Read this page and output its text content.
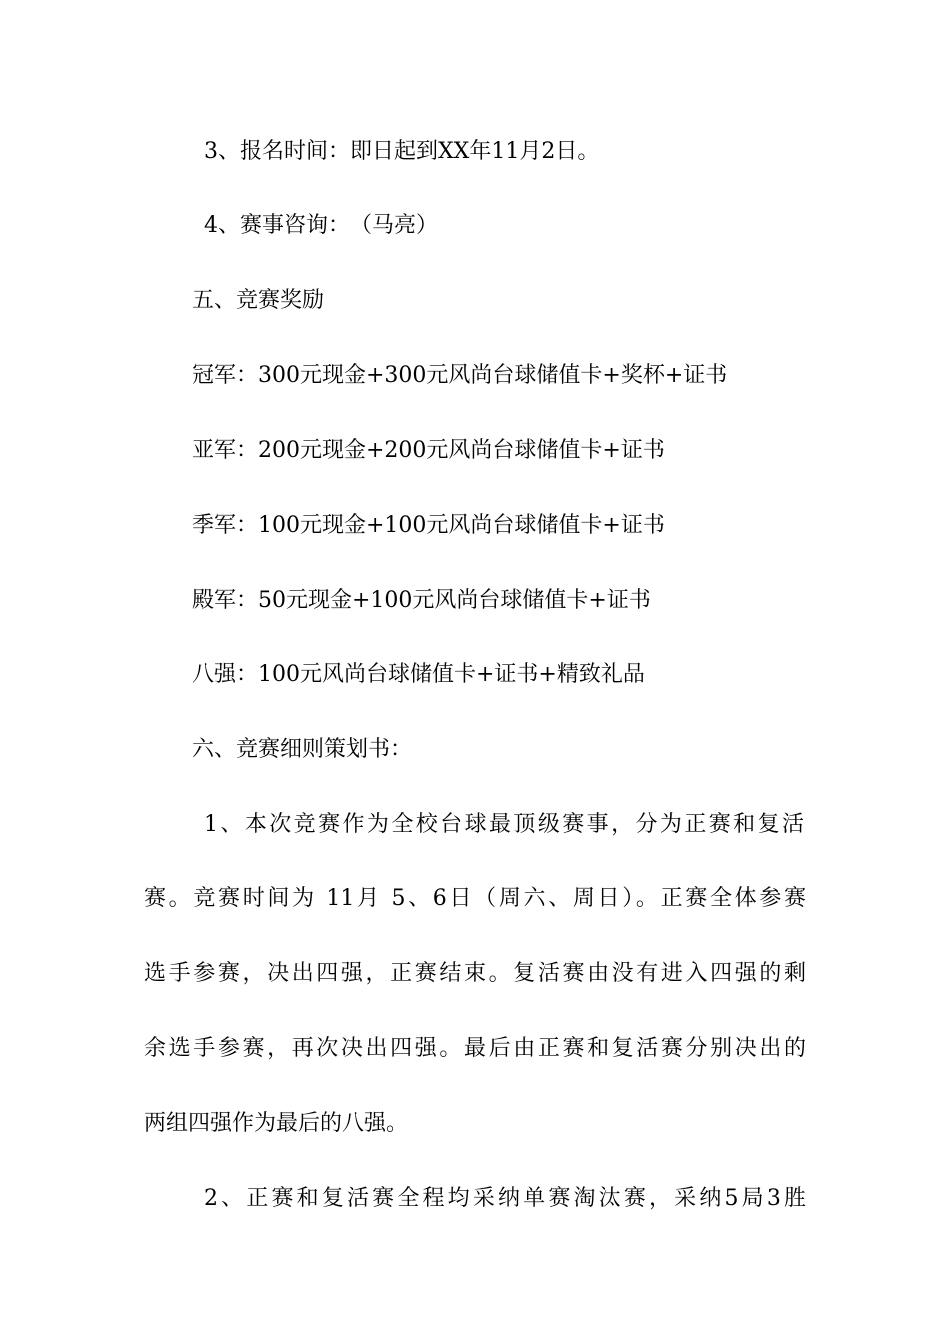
3、报名时间：即日起到XX年11月2日。

4、赛事咨询：　（马亮）

五、竞赛奖励

冠军：300元现金+300元风尚台球储值卡+奖杯+证书

亚军：200元现金+200元风尚台球储值卡+证书

季军：100元现金+100元风尚台球储值卡+证书

殿军：50元现金+100元风尚台球储值卡+证书

八强：100元风尚台球储值卡+证书+精致礼品

六、竞赛细则策划书：

1、本次竞赛作为全校台球最顶级赛事，分为正赛和复活

赛。竞赛时间为 11月 5、6日（周六、周日）。正赛全体参赛

选手参赛，决出四强，正赛结束。复活赛由没有进入四强的剩

余选手参赛，再次决出四强。最后由正赛和复活赛分别决出的

两组四强作为最后的八强。

2、正赛和复活赛全程均采纳单赛淘汰赛，采纳5局3胜
